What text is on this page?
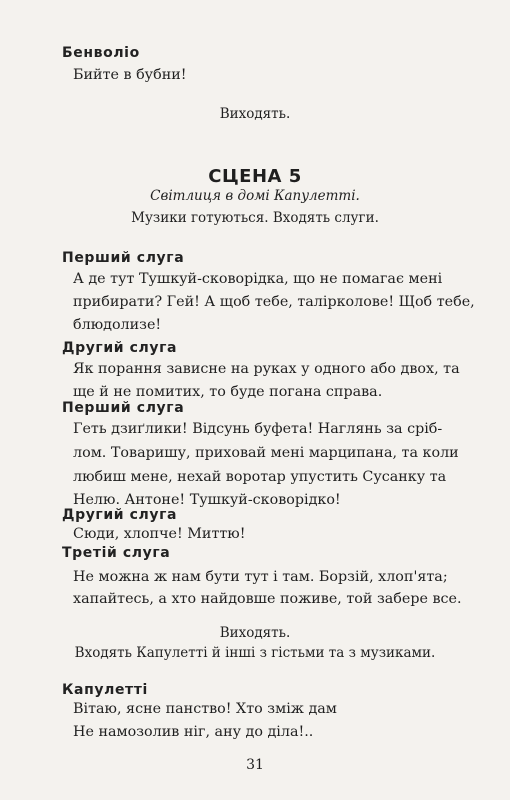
Бенволіо
Бийте в бубни!
Виходять.
СЦЕНА 5
Світлиця в домі Капулетті.
Музики готуються. Входять слуги.
Перший слуга
А де тут Тушкуй-сковорідка, що не помагає мені
прибирати? Гей! А щоб тебе, талірколове! Щоб тебе,
блюдолизе!
Другий слуга
Як порання зависне на руках у одного або двох, та
ще й не помитих, то буде погана справа.
Перший слуга
Геть дзиґлики! Відсунь буфета! Наглянь за сріб-
лом. Товаришу, приховай мені марципана, та коли
любиш мене, нехай воротар упустить Сусанку та
Нелю. Антоне! Тушкуй-сковорідко!
Другий слуга
Сюди, хлопче! Миттю!
Третій слуга
Не можна ж нам бути тут і там. Борзій, хлоп'ята;
хапайтесь, а хто найдовше поживе, той забере все.
Виходять.
Входять Капулетті й інші з гістьми та з музиками.
Капулетті
Вітаю, ясне панство! Хто зміж дам
Не намозолив ніг, ану до діла!..
31
